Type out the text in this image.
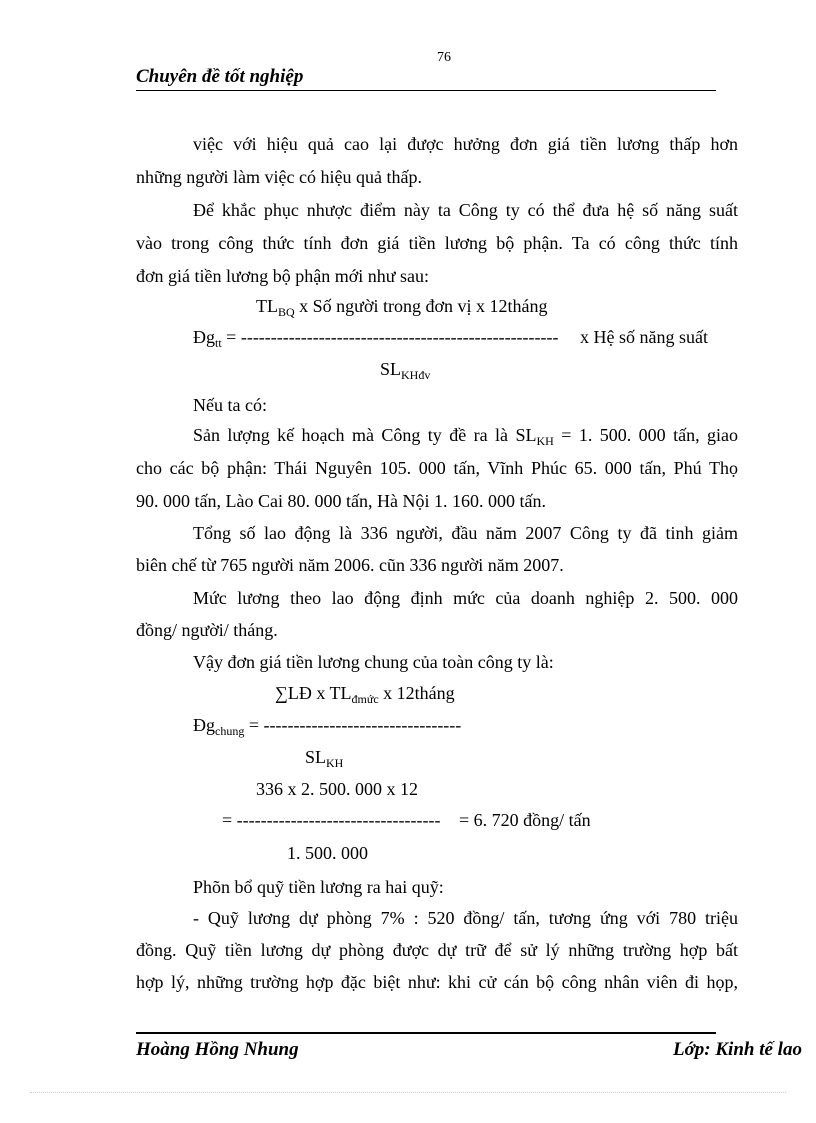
76
Chuyên đề tốt nghiệp
việc với hiệu quả cao lại được hưởng đơn giá tiền lương thấp hơn
những người làm việc có hiệu quả thấp.
Để khắc phục nhược điểm này ta Công ty có thể đưa hệ số năng suất
vào trong công thức tính đơn giá tiền lương bộ phận. Ta có công thức tính
đơn giá tiền lương bộ phận mới như sau:
$TL_{BQ}$ x Số người trong đơn vị x 12tháng
$Đg_{tt}$ = ----------------------------------------------------- x Hệ số năng suất
$SL_{KHđv}$
Nếu ta có:
Sản lượng kế hoạch mà Công ty đề ra là $SL_{KH} = 1$. 500. 000 tấn, giao
cho các bộ phận: Thái Nguyên 105. 000 tấn, Vĩnh Phúc 65. 000 tấn, Phú Thọ
90. 000 tấn, Lào Cai 80. 000 tấn, Hà Nội 1. 160. 000 tấn.
Tổng số lao động là 336 người, đầu năm 2007 Công ty đã tinh giảm
biên chế từ 765 người năm 2006. cũn 336 người năm 2007.
Mức lương theo lao động định mức của doanh nghiệp 2. 500. 000
đồng/ người/ tháng.
Vậy đơn giá tiền lương chung của toàn công ty là:
∑LĐ x $TL_{đmức}$ x 12tháng
$Đg_{chung}$ = ---------------------------------
$SL_{KH}$
336 x 2. 500. 000 x 12
= ---------------------------------- = 6. 720 đồng/ tấn
1. 500. 000
Phõn bổ quỹ tiền lương ra hai quỹ:
- Quỹ lương dự phòng 7% : 520 đồng/ tấn, tương ứng với 780 triệu
đồng. Quỹ tiền lương dự phòng được dự trữ để sử lý những trường hợp bất
hợp lý, những trường hợp đặc biệt như: khi cử cán bộ công nhân viên đi họp,
Hoàng Hồng Nhung	Lớp: Kinh tế lao
